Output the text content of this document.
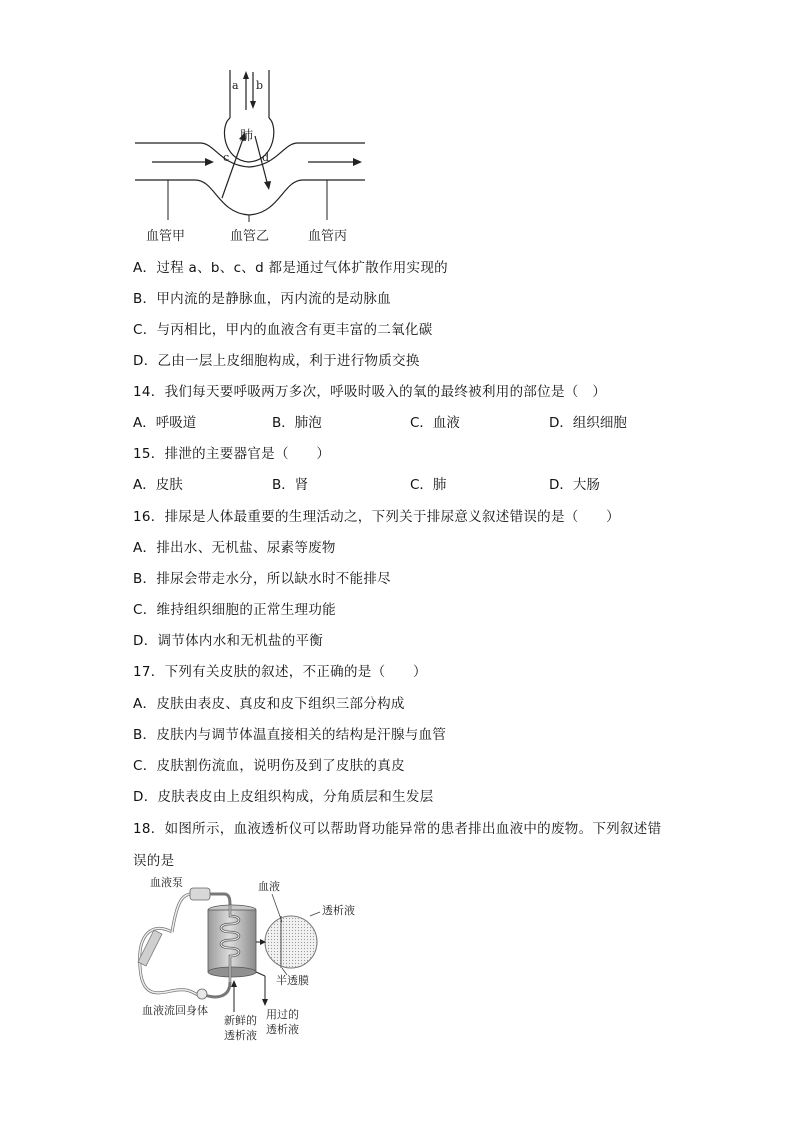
a b
肺
c	d
血管甲	血管乙	血管丙
A．过程 a、b、c、d 都是通过气体扩散作用实现的
B．甲内流的是静脉血，丙内流的是动脉血
C．与丙相比，甲内的血液含有更丰富的二氧化碳
D．乙由一层上皮细胞构成，利于进行物质交换
14．我们每天要呼吸两万多次，呼吸时吸入的氧的最终被利用的部位是（　）
A．呼吸道	B．肺泡	C．血液	D．组织细胞
15．排泄的主要器官是（　　）
A．皮肤	B．肾	C．肺	D．大肠
16．排尿是人体最重要的生理活动之，下列关于排尿意义叙述错误的是（　　）
A．排出水、无机盐、尿素等废物
B．排尿会带走水分，所以缺水时不能排尽
C．维持组织细胞的正常生理功能
D．调节体内水和无机盐的平衡
17．下列有关皮肤的叙述，不正确的是（　　）
A．皮肤由表皮、真皮和皮下组织三部分构成
B．皮肤内与调节体温直接相关的结构是汗腺与血管
C．皮肤割伤流血，说明伤及到了皮肤的真皮
D．皮肤表皮由上皮组织构成，分角质层和生发层
18．如图所示，血液透析仪可以帮助肾功能异常的患者排出血液中的废物。下列叙述错
误的是
血液泵	血液
透析液
半透膜
血液流回身体
新鲜的
透析液
用过的
透析液
